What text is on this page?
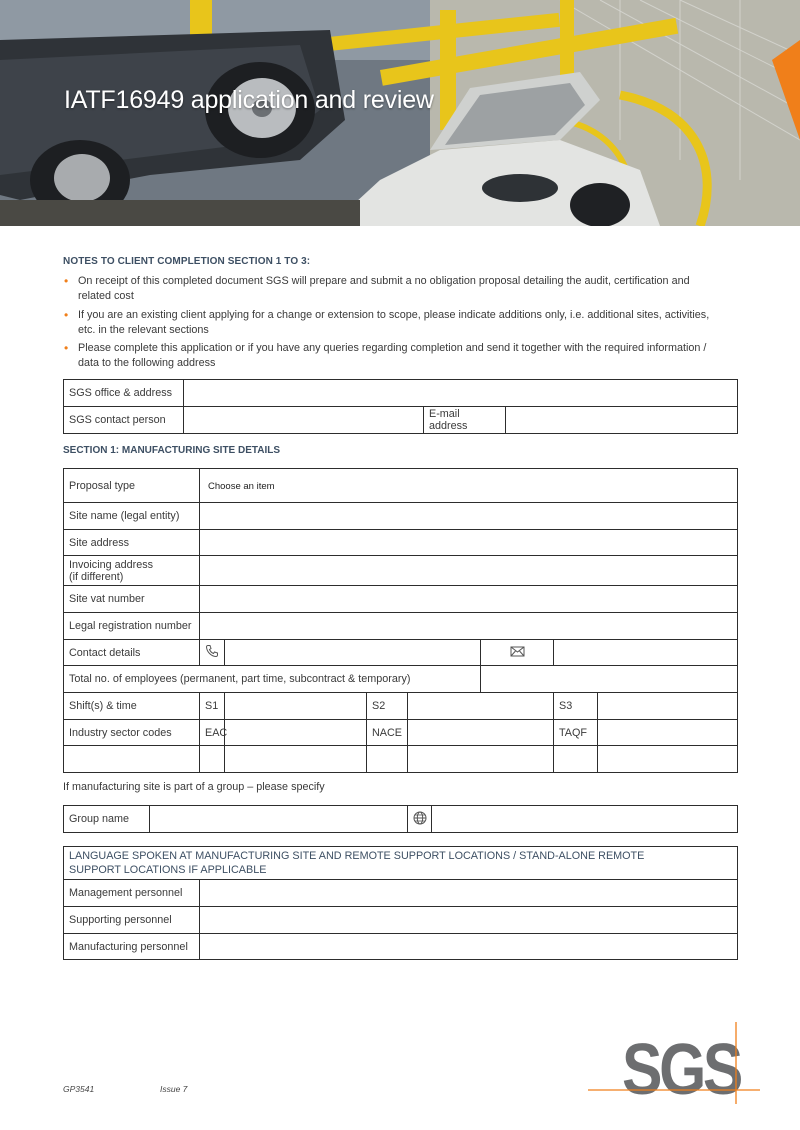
IATF16949 application and review
NOTES TO CLIENT COMPLETION SECTION 1 TO 3:
• On receipt of this completed document SGS will prepare and submit a no obligation proposal detailing the audit, certification and related cost
• If you are an existing client applying for a change or extension to scope, please indicate additions only, i.e. additional sites, activities, etc. in the relevant sections
• Please complete this application or if you have any queries regarding completion and send it together with the required information / data to the following address
SGS office & address			
SGS contact person		E-mail address	
SECTION 1: MANUFACTURING SITE DETAILS
Proposal type	Choose an item						
Site name (legal entity)							
Site address							

Invoicing address
(if different)							

Site vat number							
Legal registration number							
Contact details				
Total no. of employees (permanent, part time, subcontract & temporary)							
Shift(s) & time	S1		S2			S3	
Industry sector codes	EAC		NACE			TAQF	

If manufacturing site is part of a group – please specify
Group name			
LANGUAGE SPOKEN AT MANUFACTURING SITE AND REMOTE SUPPORT LOCATIONS / STAND-ALONE REMOTE
SUPPORT LOCATIONS IF APPLICABLE	

Management personnel	
Supporting personnel	
Manufacturing personnel	
GP3541	Issue 7	SGS
